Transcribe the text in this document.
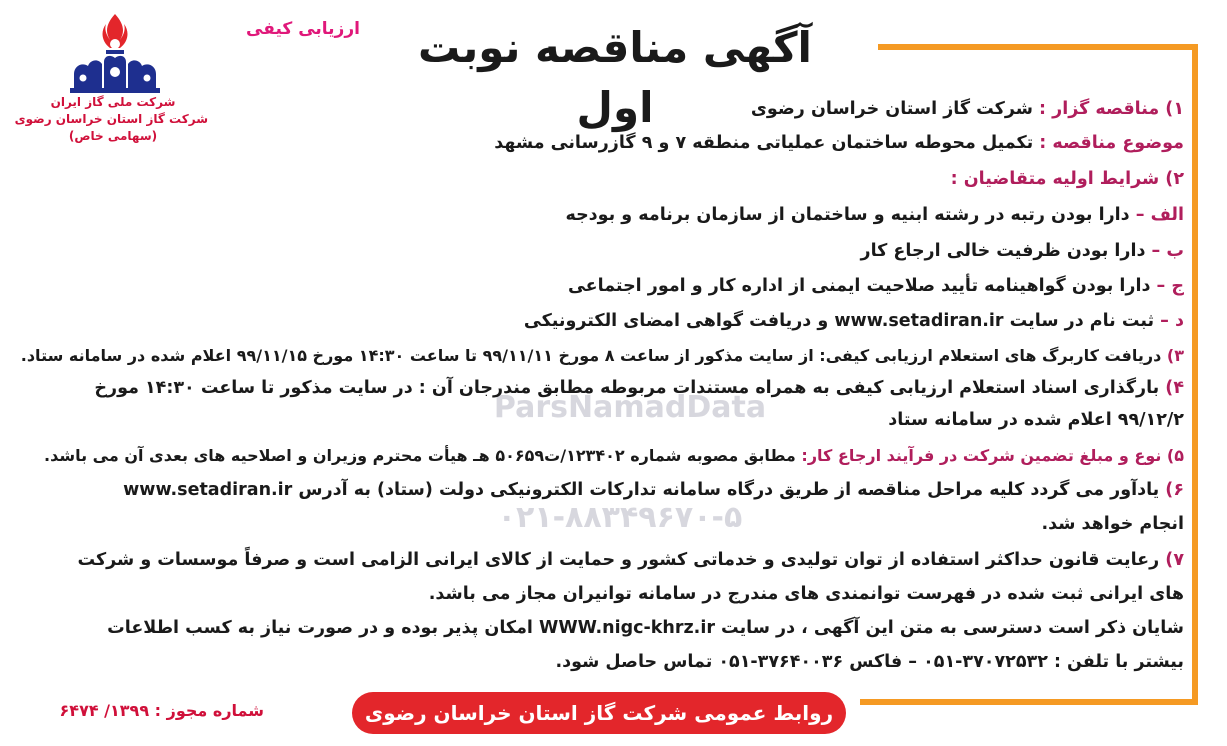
آگهی مناقصه نوبت اول
ارزیابی کیفی
شرکت ملی گاز ایران
شرکت گاز استان خراسان رضوی
(سهامی خاص)
ParsNamadData
۰۲۱-۸۸۳۴۹۶۷۰-۵
۱) مناقصه گزار : شرکت گاز استان خراسان رضوی
موضوع مناقصه : تکمیل محوطه ساختمان عملیاتی منطقه ۷ و ۹ گازرسانی مشهد
۲) شرایط اولیه متقاضیان :
الف – دارا بودن رتبه در رشته ابنیه و ساختمان از سازمان برنامه و بودجه
ب – دارا بودن ظرفیت خالی ارجاع کار
ج – دارا بودن گواهینامه تأیید صلاحیت ایمنی از اداره کار و امور اجتماعی
د – ثبت نام در سایت www.setadiran.ir و دریافت گواهی امضای الکترونیکی
۳) دریافت کاربرگ های استعلام ارزیابی کیفی: از سایت مذکور از ساعت ۸ مورخ ۹۹/۱۱/۱۱ تا ساعت ۱۴:۳۰ مورخ ۹۹/۱۱/۱۵ اعلام شده در سامانه ستاد.
۴) بارگذاری اسناد استعلام ارزیابی کیفی به همراه مستندات مربوطه مطابق مندرجان آن : در سایت مذکور تا ساعت ۱۴:۳۰ مورخ
۹۹/۱۲/۲ اعلام شده در سامانه ستاد
۵) نوع و مبلغ تضمین شرکت در فرآیند ارجاع کار: مطابق مصوبه شماره ۱۲۳۴۰۲/ت۵۰۶۵۹ هـ هیأت محترم وزیران و اصلاحیه های بعدی آن می باشد.
۶) یادآور می گردد کلیه مراحل مناقصه از طریق درگاه سامانه تدارکات الکترونیکی دولت (ستاد) به آدرس www.setadiran.ir
انجام خواهد شد.
۷) رعایت قانون حداکثر استفاده از توان تولیدی و خدماتی کشور و حمایت از کالای ایرانی الزامی است و صرفاً موسسات و شرکت
های ایرانی ثبت شده در فهرست توانمندی های مندرج در سامانه توانیران مجاز می باشد.
شایان ذکر است دسترسی به متن این آگهی ، در سایت WWW.nigc-khrz.ir امکان پذیر بوده و در صورت نیاز به کسب اطلاعات
بیشتر با تلفن : ۳۷۰۷۲۵۳۲-۰۵۱ – فاکس ۳۷۶۴۰۰۳۶-۰۵۱ تماس حاصل شود.
روابط عمومی شرکت گاز استان خراسان رضوی
شماره مجوز : ۱۳۹۹/ ۶۴۷۴
